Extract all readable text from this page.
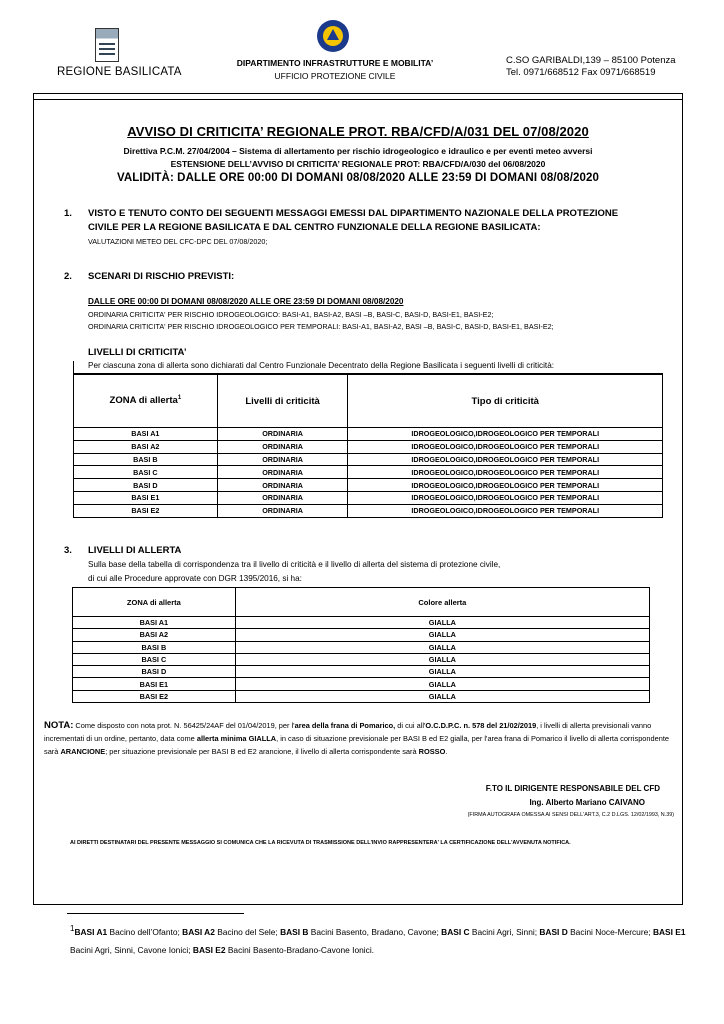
REGIONE BASILICATA
DIPARTIMENTO INFRASTRUTTURE E MOBILITA’
UFFICIO PROTEZIONE CIVILE
C.SO GARIBALDI,139 – 85100 Potenza
Tel. 0971/668512 Fax 0971/668519
AVVISO DI CRITICITA’ REGIONALE PROT. RBA/CFD/A/031 DEL 07/08/2020
Direttiva P.C.M. 27/04/2004 – Sistema di allertamento per rischio idrogeologico e idraulico e per eventi meteo avversi
ESTENSIONE DELL’AVVISO DI CRITICITA’ REGIONALE PROT: RBA/CFD/A/030 del 06/08/2020
VALIDITÀ: DALLE ORE 00:00 DI DOMANI 08/08/2020 ALLE 23:59 DI DOMANI 08/08/2020
1. VISTO E TENUTO CONTO DEI SEGUENTI MESSAGGI EMESSI DAL DIPARTIMENTO NAZIONALE DELLA PROTEZIONE
CIVILE PER LA REGIONE BASILICATA E DAL CENTRO FUNZIONALE DELLA REGIONE BASILICATA:
VALUTAZIONI METEO DEL CFC-DPC DEL 07/08/2020;
2. SCENARI DI RISCHIO PREVISTI:
DALLE ORE 00:00 DI DOMANI 08/08/2020 ALLE ORE 23:59 DI DOMANI 08/08/2020
ORDINARIA CRITICITA' PER RISCHIO IDROGEOLOGICO: BASI-A1, BASI-A2, BASI –B, BASI-C, BASI-D, BASI-E1, BASI-E2;
ORDINARIA CRITICITA' PER RISCHIO IDROGEOLOGICO PER TEMPORALI: BASI-A1, BASI-A2, BASI –B, BASI-C, BASI-D, BASI-E1, BASI-E2;
LIVELLI DI CRITICITA’
Per ciascuna zona di allerta sono dichiarati dal Centro Funzionale Decentrato della Regione Basilicata i seguenti livelli di criticità:
ZONA di allerta$^1$	Livelli di criticità	Tipo di criticità
BASI A1	ORDINARIA	IDROGEOLOGICO,IDROGEOLOGICO PER TEMPORALI
BASI A2	ORDINARIA	IDROGEOLOGICO,IDROGEOLOGICO PER TEMPORALI
BASI B	ORDINARIA	IDROGEOLOGICO,IDROGEOLOGICO PER TEMPORALI
BASI C	ORDINARIA	IDROGEOLOGICO,IDROGEOLOGICO PER TEMPORALI
BASI D	ORDINARIA	IDROGEOLOGICO,IDROGEOLOGICO PER TEMPORALI
BASI E1	ORDINARIA	IDROGEOLOGICO,IDROGEOLOGICO PER TEMPORALI
BASI E2	ORDINARIA	IDROGEOLOGICO,IDROGEOLOGICO PER TEMPORALI
3. LIVELLI DI ALLERTA
Sulla base della tabella di corrispondenza tra il livello di criticità e il livello di allerta del sistema di protezione civile,
di cui alle Procedure approvate con DGR 1395/2016, si ha:
ZONA di allerta	Colore allerta
BASI A1	GIALLA
BASI A2	GIALLA
BASI B	GIALLA
BASI C	GIALLA
BASI D	GIALLA
BASI E1	GIALLA
BASI E2	GIALLA
NOTA: Come disposto con nota prot. N. 56425/24AF del 01/04/2019, per l'area della frana di Pomarico, di cui all'O.C.D.P.C. n. 578 del 21/02/2019, i livelli di allerta previsionali vanno incrementati di un ordine, pertanto, data come allerta minima GIALLA, in caso di situazione previsionale per BASI B ed E2 gialla, per l'area frana di Pomarico il livello di allerta corrispondente sarà ARANCIONE; per situazione previsionale per BASI B ed E2 arancione, il livello di allerta corrispondente sarà ROSSO.
F.TO IL DIRIGENTE RESPONSABILE DEL CFD
Ing. Alberto Mariano CAIVANO
(FIRMA AUTOGRAFA OMESSA AI SENSI DELL'ART.3, C.2 D.LGS. 12/02/1993, N.39)
AI DIRETTI DESTINATARI DEL PRESENTE MESSAGGIO SI COMUNICA CHE LA RICEVUTA DI TRASMISSIONE DELL'INVIO RAPPRESENTERA' LA CERTIFICAZIONE DELL'AVVENUTA NOTIFICA.
$^1$BASI A1 Bacino dell’Ofanto; BASI A2 Bacino del Sele; BASI B Bacini Basento, Bradano, Cavone; BASI C Bacini Agri, Sinni; BASI D Bacini Noce-Mercure; BASI E1 Bacini Agri, Sinni, Cavone Ionici; BASI E2 Bacini Basento-Bradano-Cavone Ionici.
